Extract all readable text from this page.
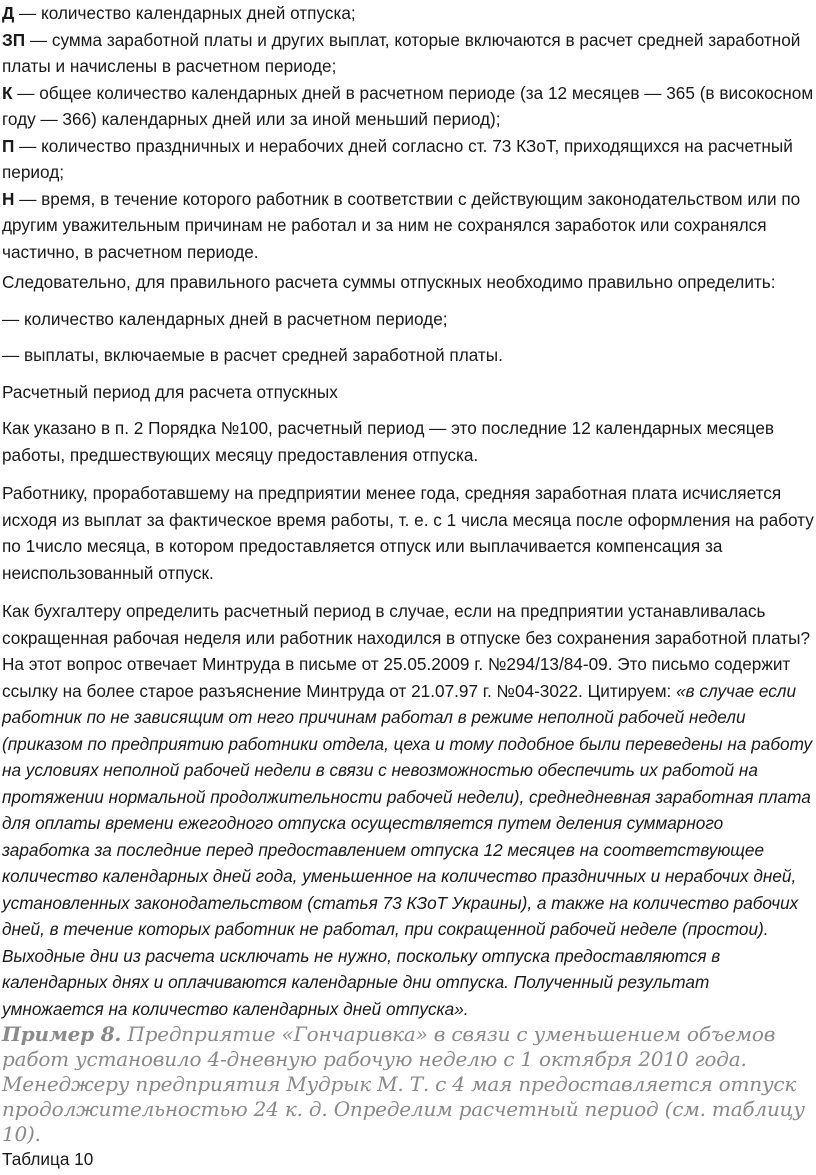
Д — количество календарных дней отпуска;

ЗП — сумма заработной платы и других выплат, которые включаются в расчет средней заработной платы и начислены в расчетном периоде;

К — общее количество календарных дней в расчетном периоде (за 12 месяцев — 365 (в високосном году — 366) календарных дней или за иной меньший период);

П — количество праздничных и нерабочих дней согласно ст. 73 КЗоТ, приходящихся на расчетный период;

Н — время, в течение которого работник в соответствии с действующим законодательством или по другим уважительным причинам не работал и за ним не сохранялся заработок или сохранялся частично, в расчетном периоде.

Следовательно, для правильного расчета суммы отпускных необходимо правильно определить:

— количество календарных дней в расчетном периоде;

— выплаты, включаемые в расчет средней заработной платы.

Расчетный период для расчета отпускных

Как указано в п. 2 Порядка №100, расчетный период — это последние 12 календарных месяцев работы, предшествующих месяцу предоставления отпуска.

Работнику, проработавшему на предприятии менее года, средняя заработная плата исчисляется исходя из выплат за фактическое время работы, т. е. с 1 числа месяца после оформления на работу по 1число месяца, в котором предоставляется отпуск или выплачивается компенсация за неиспользованный отпуск.

Как бухгалтеру определить расчетный период в случае, если на предприятии устанавливалась сокращенная рабочая неделя или работник находился в отпуске без сохранения заработной платы? На этот вопрос отвечает Минтруда в письме от 25.05.2009 г. №294/13/84-09. Это письмо содержит ссылку на более старое разъяснение Минтруда от 21.07.97 г. №04-3022. Цитируем: «в случае если работник по не зависящим от него причинам работал в режиме неполной рабочей недели (приказом по предприятию работники отдела, цеха и тому подобное были переведены на работу на условиях неполной рабочей недели в связи с невозможностью обеспечить их работой на протяжении нормальной продолжительности рабочей недели), среднедневная заработная плата для оплаты времени ежегодного отпуска осуществляется путем деления суммарного заработка за последние перед предоставлением отпуска 12 месяцев на соответствующее количество календарных дней года, уменьшенное на количество праздничных и нерабочих дней, установленных законодательством (статья 73 КЗоТ Украины), а также на количество рабочих дней, в течение которых работник не работал, при сокращенной рабочей неделе (простои). Выходные дни из расчета исключать не нужно, поскольку отпуска предоставляются в календарных днях и оплачиваются календарные дни отпуска. Полученный результат умножается на количество календарных дней отпуска».

Пример 8. Предприятие «Гончаривка» в связи с уменьшением объемов работ установило 4-дневную рабочую неделю с 1 октября 2010 года. Менеджеру предприятия Мудрык М. Т. с 4 мая предоставляется отпуск продолжительностью 24 к. д. Определим расчетный период (см. таблицу 10).

Таблица 10
